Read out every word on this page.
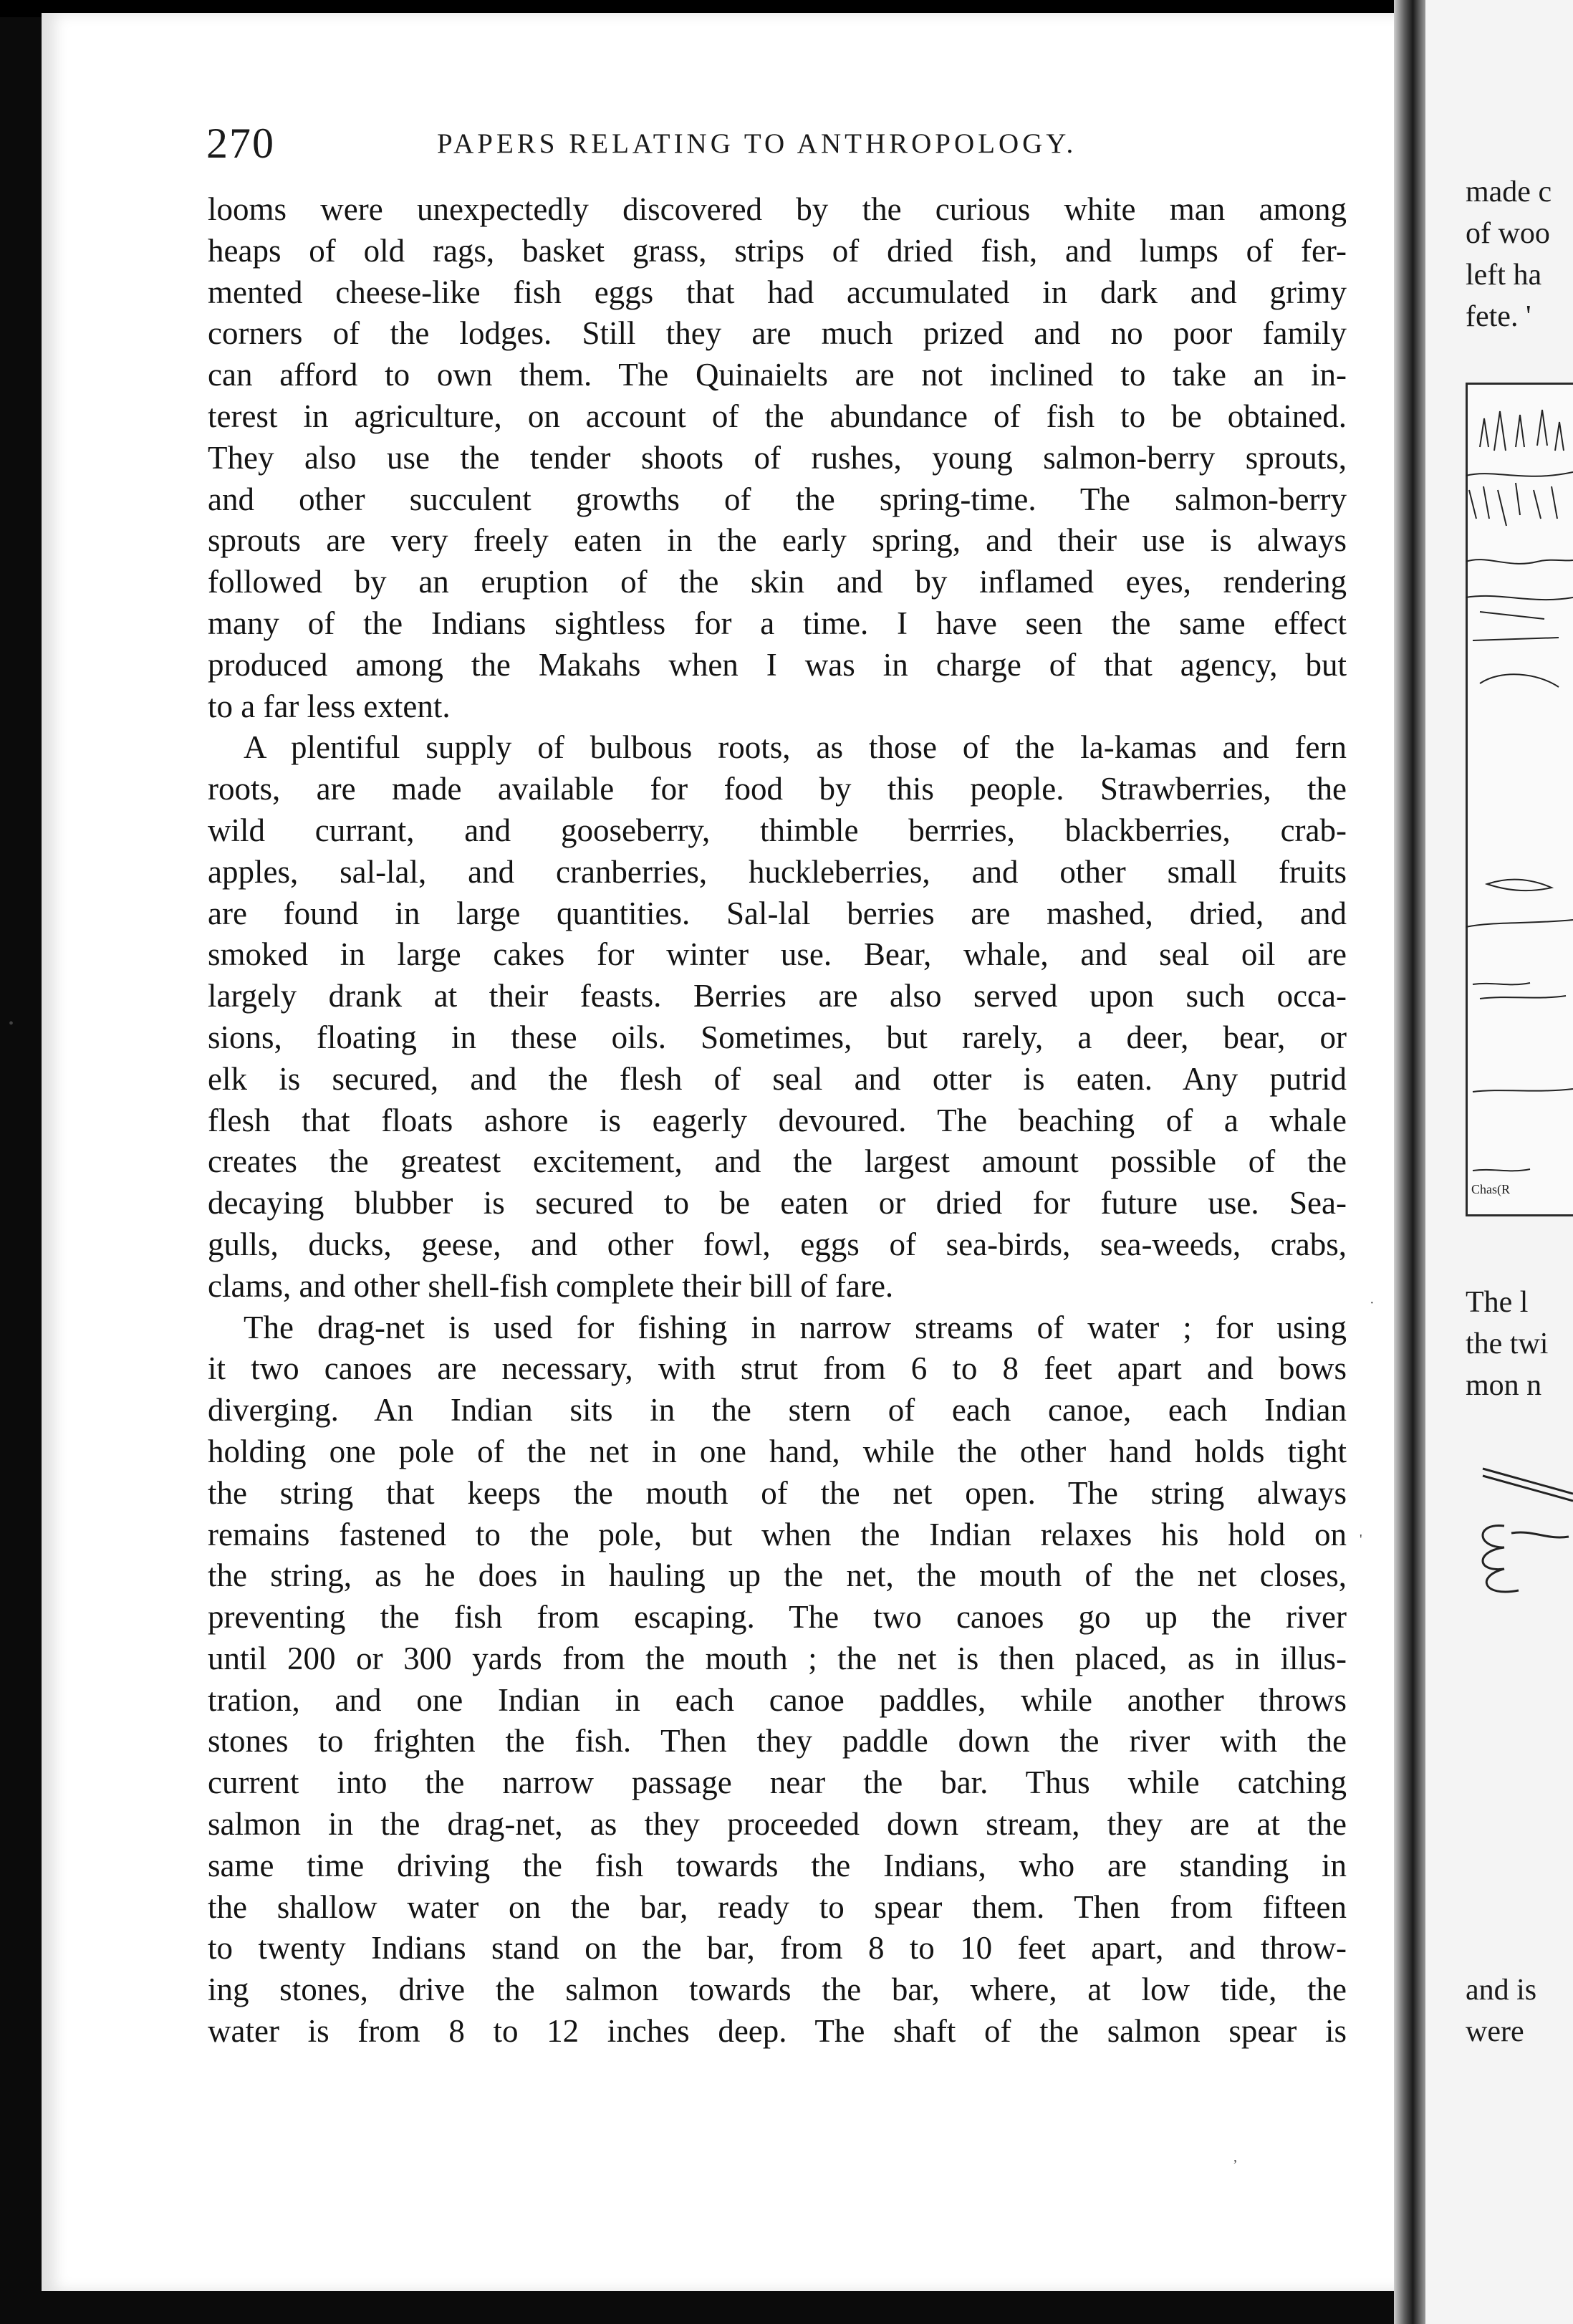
270	PAPERS RELATING TO ANTHROPOLOGY.
looms were unexpectedly discovered by the curious white man among
heaps of old rags, basket grass, strips of dried fish, and lumps of fer-
mented cheese-like fish eggs that had accumulated in dark and grimy
corners of the lodges. Still they are much prized and no poor family
can afford to own them. The Quinaielts are not inclined to take an in-
terest in agriculture, on account of the abundance of fish to be obtained.
They also use the tender shoots of rushes, young salmon-berry sprouts,
and other succulent growths of the spring-time. The salmon-berry
sprouts are very freely eaten in the early spring, and their use is always
followed by an eruption of the skin and by inflamed eyes, rendering
many of the Indians sightless for a time. I have seen the same effect
produced among the Makahs when I was in charge of that agency, but
to a far less extent.
A plentiful supply of bulbous roots, as those of the la-kamas and fern
roots, are made available for food by this people. Strawberries, the
wild currant, and gooseberry, thimble berrries, blackberries, crab-
apples, sal-lal, and cranberries, huckleberries, and other small fruits
are found in large quantities. Sal-lal berries are mashed, dried, and
smoked in large cakes for winter use. Bear, whale, and seal oil are
largely drank at their feasts. Berries are also served upon such occa-
sions, floating in these oils. Sometimes, but rarely, a deer, bear, or
elk is secured, and the flesh of seal and otter is eaten. Any putrid
flesh that floats ashore is eagerly devoured. The beaching of a whale
creates the greatest excitement, and the largest amount possible of the
decaying blubber is secured to be eaten or dried for future use. Sea-
gulls, ducks, geese, and other fowl, eggs of sea-birds, sea-weeds, crabs,
clams, and other shell-fish complete their bill of fare.
The drag-net is used for fishing in narrow streams of water ; for using
it two canoes are necessary, with strut from 6 to 8 feet apart and bows
diverging. An Indian sits in the stern of each canoe, each Indian
holding one pole of the net in one hand, while the other hand holds tight
the string that keeps the mouth of the net open. The string always
remains fastened to the pole, but when the Indian relaxes his hold on
the string, as he does in hauling up the net, the mouth of the net closes,
preventing the fish from escaping. The two canoes go up the river
until 200 or 300 yards from the mouth ; the net is then placed, as in illus-
tration, and one Indian in each canoe paddles, while another throws
stones to frighten the fish. Then they paddle down the river with the
current into the narrow passage near the bar. Thus while catching
salmon in the drag-net, as they proceeded down stream, they are at the
same time driving the fish towards the Indians, who are standing in
the shallow water on the bar, ready to spear them. Then from fifteen
to twenty Indians stand on the bar, from 8 to 10 feet apart, and throw-
ing stones, drive the salmon towards the bar, where, at low tide, the
water is from 8 to 12 inches deep. The shaft of the salmon spear is
made c
of woo
left ha
fete. '
Chas(R
The l
the twi
mon n
and is
were
•
·
'
,
